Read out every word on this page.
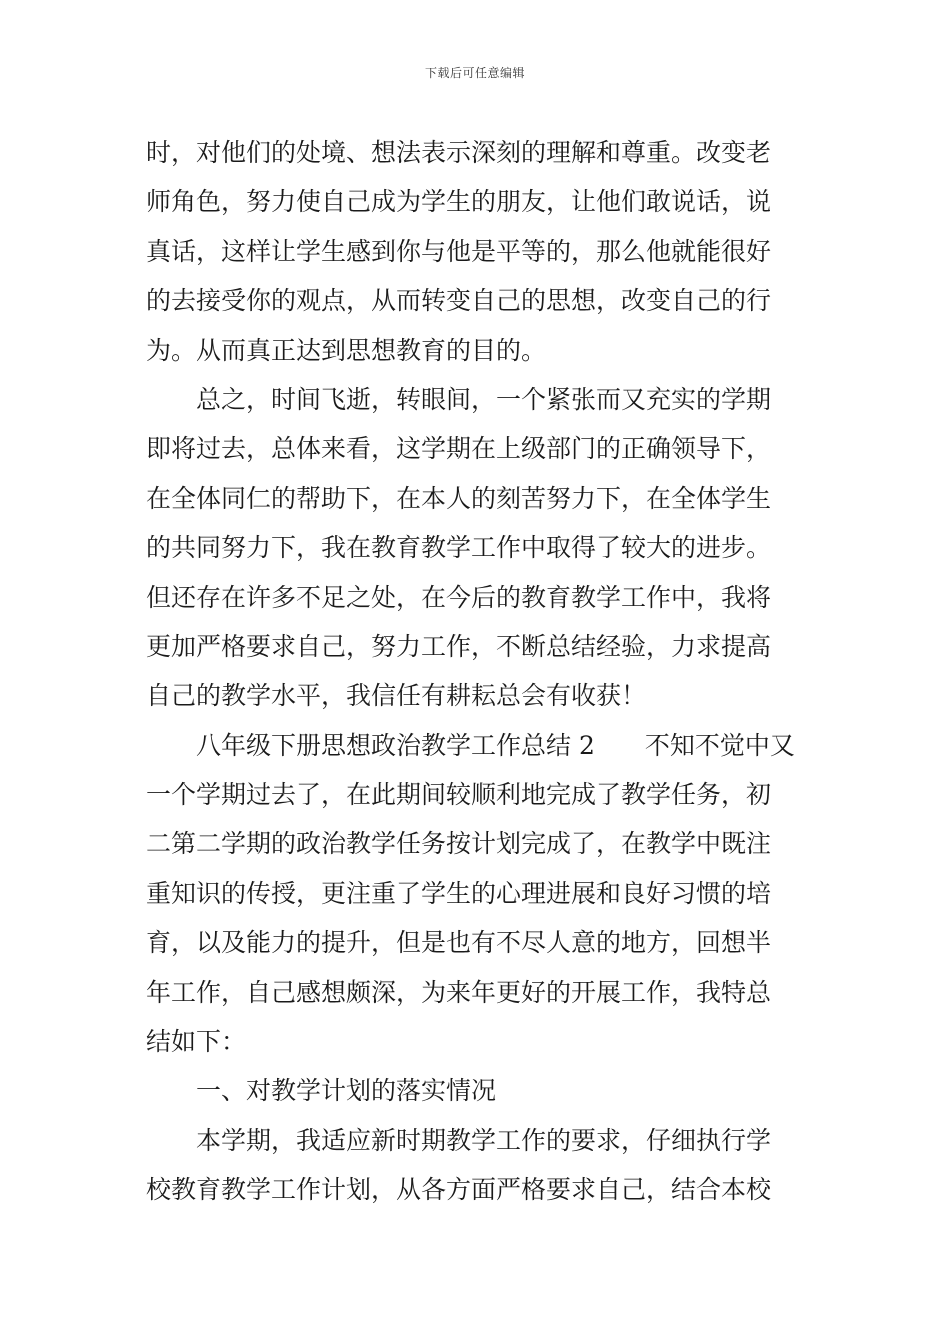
下载后可任意编辑
时，对他们的处境、想法表示深刻的理解和尊重。改变老
师角色，努力使自己成为学生的朋友，让他们敢说话，说
真话，这样让学生感到你与他是平等的，那么他就能很好
的去接受你的观点，从而转变自己的思想，改变自己的行
为。从而真正达到思想教育的目的。
总之，时间飞逝，转眼间，一个紧张而又充实的学期
即将过去，总体来看，这学期在上级部门的正确领导下，
在全体同仁的帮助下，在本人的刻苦努力下，在全体学生
的共同努力下，我在教育教学工作中取得了较大的进步。
但还存在许多不足之处，在今后的教育教学工作中，我将
更加严格要求自己，努力工作，不断总结经验，力求提高
自己的教学水平，我信任有耕耘总会有收获！
八年级下册思想政治教学工作总结 2 不知不觉中又
一个学期过去了，在此期间较顺利地完成了教学任务，初
二第二学期的政治教学任务按计划完成了，在教学中既注
重知识的传授，更注重了学生的心理进展和良好习惯的培
育，以及能力的提升，但是也有不尽人意的地方，回想半
年工作，自己感想颇深，为来年更好的开展工作，我特总
结如下：
一、对教学计划的落实情况
本学期，我适应新时期教学工作的要求，仔细执行学
校教育教学工作计划，从各方面严格要求自己，结合本校
